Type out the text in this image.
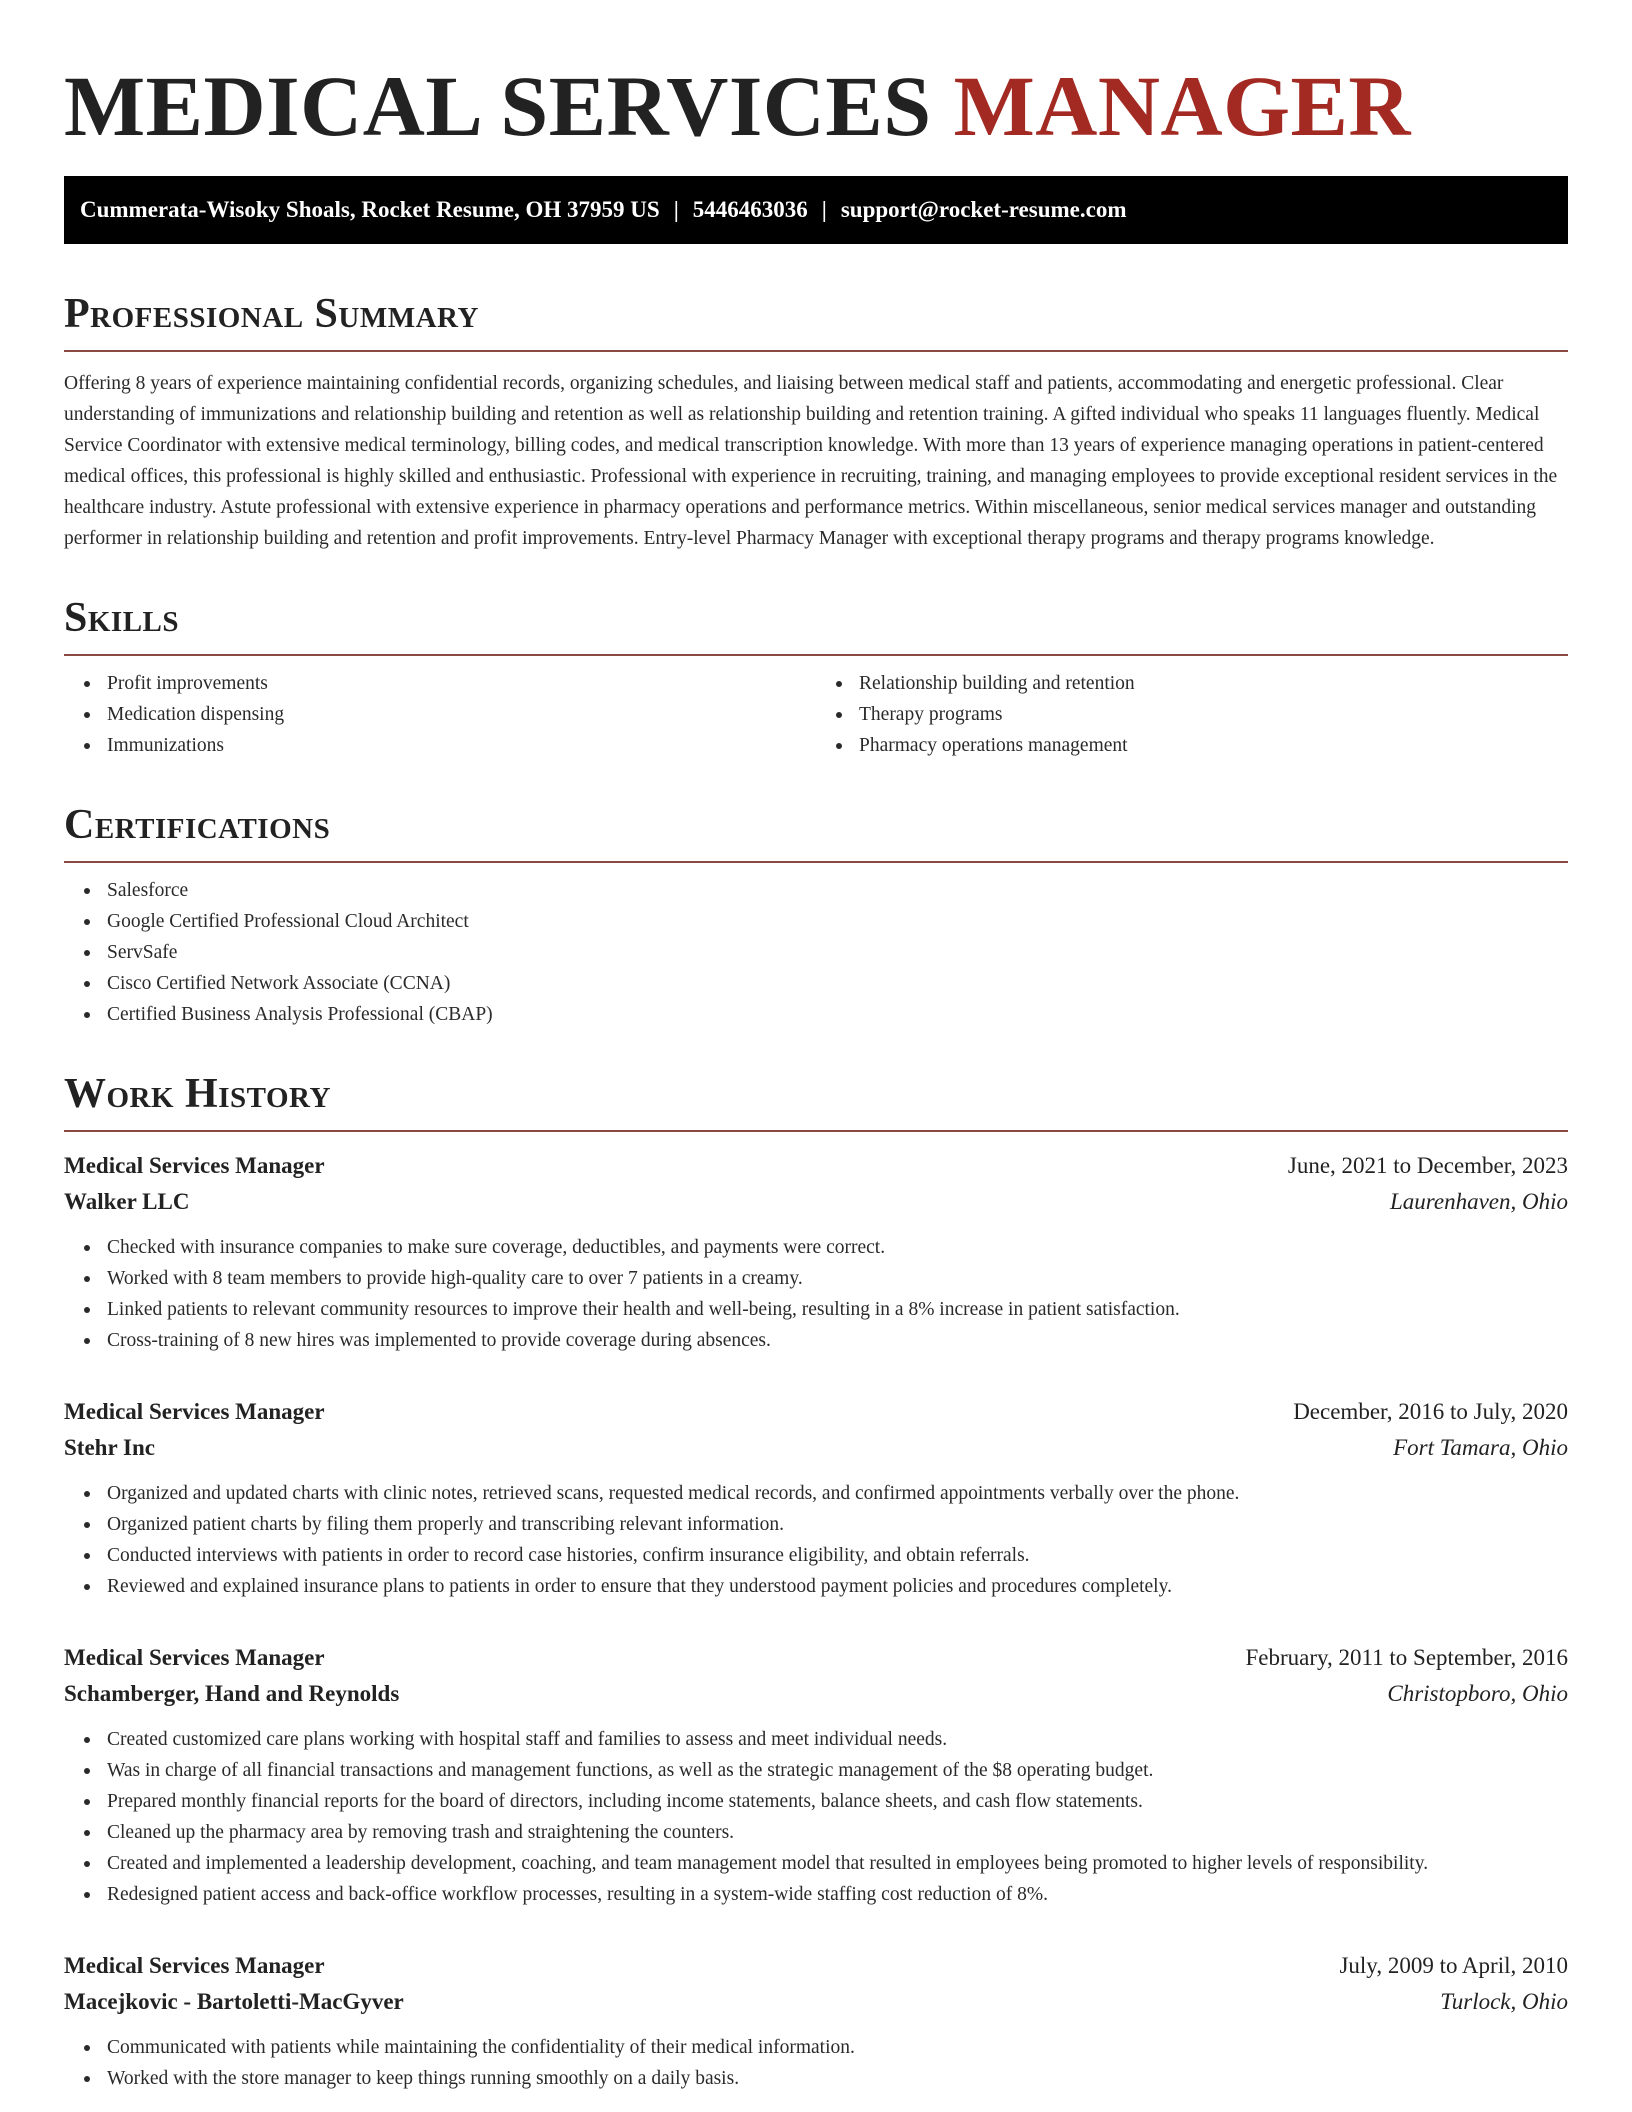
MEDICAL SERVICES MANAGER
Cummerata-Wisoky Shoals, Rocket Resume, OH 37959 US | 5446463036 | support@rocket-resume.com
Professional Summary

Offering 8 years of experience maintaining confidential records, organizing schedules, and liaising between medical staff and patients, accommodating and energetic professional. Clear understanding of immunizations and relationship building and retention as well as relationship building and retention training. A gifted individual who speaks 11 languages fluently. Medical Service Coordinator with extensive medical terminology, billing codes, and medical transcription knowledge. With more than 13 years of experience managing operations in patient-centered medical offices, this professional is highly skilled and enthusiastic. Professional with experience in recruiting, training, and managing employees to provide exceptional resident services in the healthcare industry. Astute professional with extensive experience in pharmacy operations and performance metrics. Within miscellaneous, senior medical services manager and outstanding performer in relationship building and retention and profit improvements. Entry-level Pharmacy Manager with exceptional therapy programs and therapy programs knowledge.

Skills
Profit improvements
Medication dispensing
Immunizations
Relationship building and retention
Therapy programs
Pharmacy operations management
Certifications
Salesforce
Google Certified Professional Cloud Architect
ServSafe
Cisco Certified Network Associate (CCNA)
Certified Business Analysis Professional (CBAP)
Work History
Medical Services Manager	June, 2021 to December, 2023
Walker LLC	Laurenhaven, Ohio
Checked with insurance companies to make sure coverage, deductibles, and payments were correct.
Worked with 8 team members to provide high-quality care to over 7 patients in a creamy.
Linked patients to relevant community resources to improve their health and well-being, resulting in a 8% increase in patient satisfaction.
Cross-training of 8 new hires was implemented to provide coverage during absences.
Medical Services Manager	December, 2016 to July, 2020
Stehr Inc	Fort Tamara, Ohio
Organized and updated charts with clinic notes, retrieved scans, requested medical records, and confirmed appointments verbally over the phone.
Organized patient charts by filing them properly and transcribing relevant information.
Conducted interviews with patients in order to record case histories, confirm insurance eligibility, and obtain referrals.
Reviewed and explained insurance plans to patients in order to ensure that they understood payment policies and procedures completely.
Medical Services Manager	February, 2011 to September, 2016
Schamberger, Hand and Reynolds	Christopboro, Ohio
Created customized care plans working with hospital staff and families to assess and meet individual needs.
Was in charge of all financial transactions and management functions, as well as the strategic management of the $8 operating budget.
Prepared monthly financial reports for the board of directors, including income statements, balance sheets, and cash flow statements.
Cleaned up the pharmacy area by removing trash and straightening the counters.
Created and implemented a leadership development, coaching, and team management model that resulted in employees being promoted to higher levels of responsibility.
Redesigned patient access and back-office workflow processes, resulting in a system-wide staffing cost reduction of 8%.
Medical Services Manager	July, 2009 to April, 2010
Macejkovic - Bartoletti-MacGyver	Turlock, Ohio
Communicated with patients while maintaining the confidentiality of their medical information.
Worked with the store manager to keep things running smoothly on a daily basis.
